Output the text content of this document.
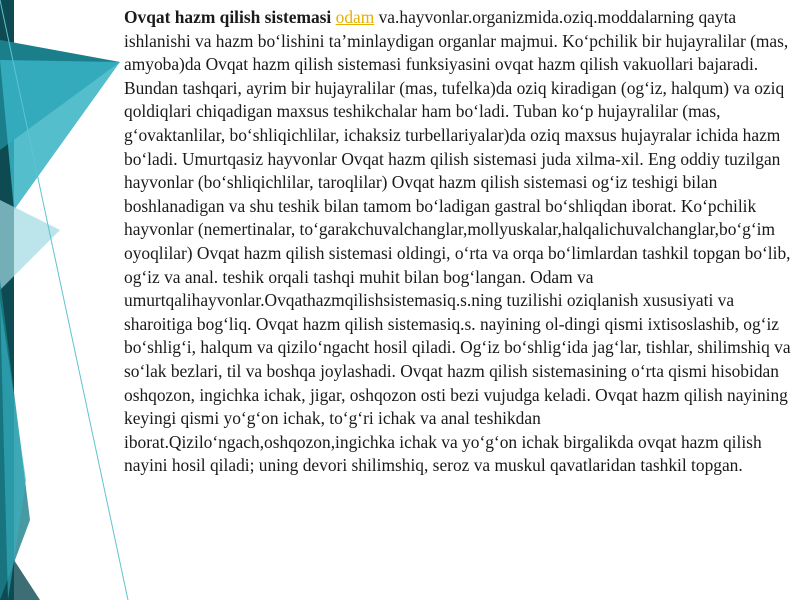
Ovqat hazm qilish sistemasi odam va.hayvonlar.organizmida.oziq.moddalarning qayta ishlanishi va hazm bo‘lishini ta’minlaydigan organlar majmui. Ko‘pchilik bir hujayralilar (mas, amyoba)da Ovqat hazm qilish sistemasi funksiyasini ovqat hazm qilish vakuollari bajaradi. Bundan tashqari, ayrim bir hujayralilar (mas, tufelka)da oziq kiradigan (og‘iz, halqum) va oziq qoldiqlari chiqadigan maxsus teshikchalar ham bo‘ladi. Tuban ko‘p hujayralilar (mas, g‘ovaktanlilar, bo‘shliqichlilar, ichaksiz turbellariyalar)da oziq maxsus hujayralar ichida hazm bo‘ladi. Umurtqasiz hayvonlar Ovqat hazm qilish sistemasi juda xilma-xil. Eng oddiy tuzilgan hayvonlar (bo‘shliqichlilar, taroqlilar) Ovqat hazm qilish sistemasi og‘iz teshigi bilan boshlanadigan va shu teshik bilan tamom bo‘ladigan gastral bo‘shliqdan iborat. Ko‘pchilik hayvonlar (nemertinalar, to‘garakchuvalchanglar,mollyuskalar,halqalichuvalchanglar,bo‘g‘im oyoqlilar) Ovqat hazm qilish sistemasi oldingi, o‘rta va orqa bo‘limlardan tashkil topgan bo‘lib, og‘iz va anal. teshik orqali tashqi muhit bilan bog‘langan. Odam va umurtqalihayvonlar.Ovqathazmqilishsistemasiq.s.ning tuzilishi oziqlanish xususiyati va sharoitiga bog‘liq. Ovqat hazm qilish sistemasiq.s. nayining ol-dingi qismi ixtisoslashib, og‘iz bo‘shlig‘i, halqum va qizilo‘ngacht hosil qiladi. Og‘iz bo‘shlig‘ida jag‘lar, tishlar, shilimshiq va so‘lak bezlari, til va boshqa joylashadi. Ovqat hazm qilish sistemasining o‘rta qismi hisobidan oshqozon, ingichka ichak, jigar, oshqozon osti bezi vujudga keladi. Ovqat hazm qilish nayining keyingi qismi yo‘g‘on ichak, to‘g‘ri ichak va anal teshikdan iborat.Qizilo‘ngach,oshqozon,ingichka ichak va yo‘g‘on ichak birgalikda ovqat hazm qilish nayini hosil qiladi; uning devori shilimshiq, seroz va muskul qavatlaridan tashkil topgan.
